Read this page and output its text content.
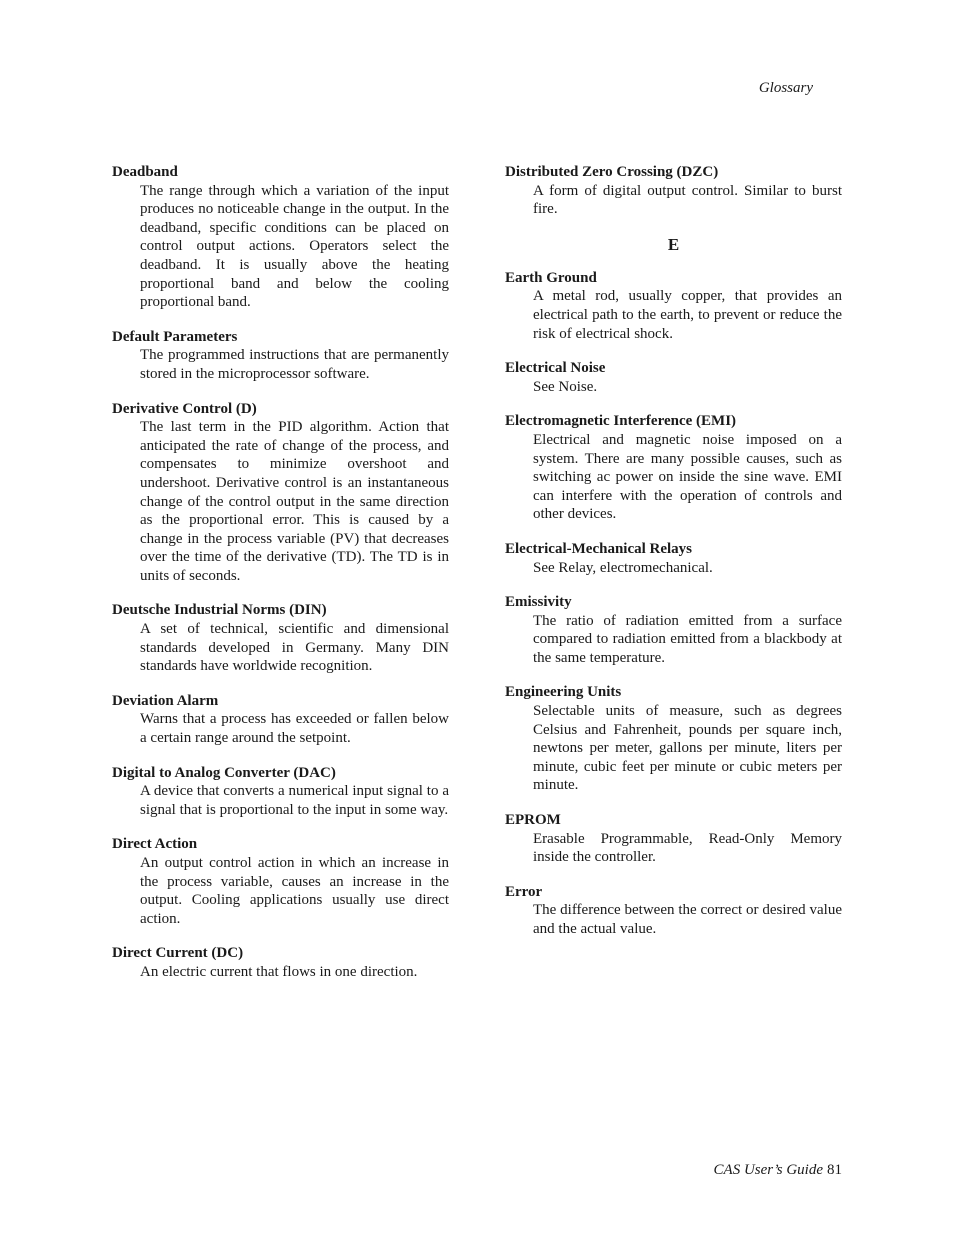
Glossary
Deadband
The range through which a variation of the input produces no noticeable change in the output. In the deadband, specific conditions can be placed on control output actions. Operators select the deadband. It is usually above the heating proportional band and below the cooling proportional band.
Default Parameters
The programmed instructions that are permanently stored in the microprocessor software.
Derivative Control (D)
The last term in the PID algorithm. Action that anticipated the rate of change of the process, and compensates to minimize overshoot and undershoot. Derivative control is an instantaneous change of the control output in the same direction as the proportional error. This is caused by a change in the process variable (PV) that decreases over the time of the derivative (TD). The TD is in units of seconds.
Deutsche Industrial Norms (DIN)
A set of technical, scientific and dimensional standards developed in Germany. Many DIN standards have worldwide recognition.
Deviation Alarm
Warns that a process has exceeded or fallen below a certain range around the setpoint.
Digital to Analog Converter (DAC)
A device that converts a numerical input signal to a signal that is proportional to the input in some way.
Direct Action
An output control action in which an increase in the process variable, causes an increase in the output. Cooling applications usually use direct action.
Direct Current (DC)
An electric current that flows in one direction.
Distributed Zero Crossing (DZC)
A form of digital output control. Similar to burst fire.
E
Earth Ground
A metal rod, usually copper, that provides an electrical path to the earth, to prevent or reduce the risk of electrical shock.
Electrical Noise
See Noise.
Electromagnetic Interference (EMI)
Electrical and magnetic noise imposed on a system. There are many possible causes, such as switching ac power on inside the sine wave. EMI can interfere with the operation of controls and other devices.
Electrical-Mechanical Relays
See Relay, electromechanical.
Emissivity
The ratio of radiation emitted from a surface compared to radiation emitted from a blackbody at the same temperature.
Engineering Units
Selectable units of measure, such as degrees Celsius and Fahrenheit, pounds per square inch, newtons per meter, gallons per minute, liters per minute, cubic feet per minute or cubic meters per minute.
EPROM
Erasable Programmable, Read-Only Memory inside the controller.
Error
The difference between the correct or desired value and the actual value.
CAS User’s Guide 81
